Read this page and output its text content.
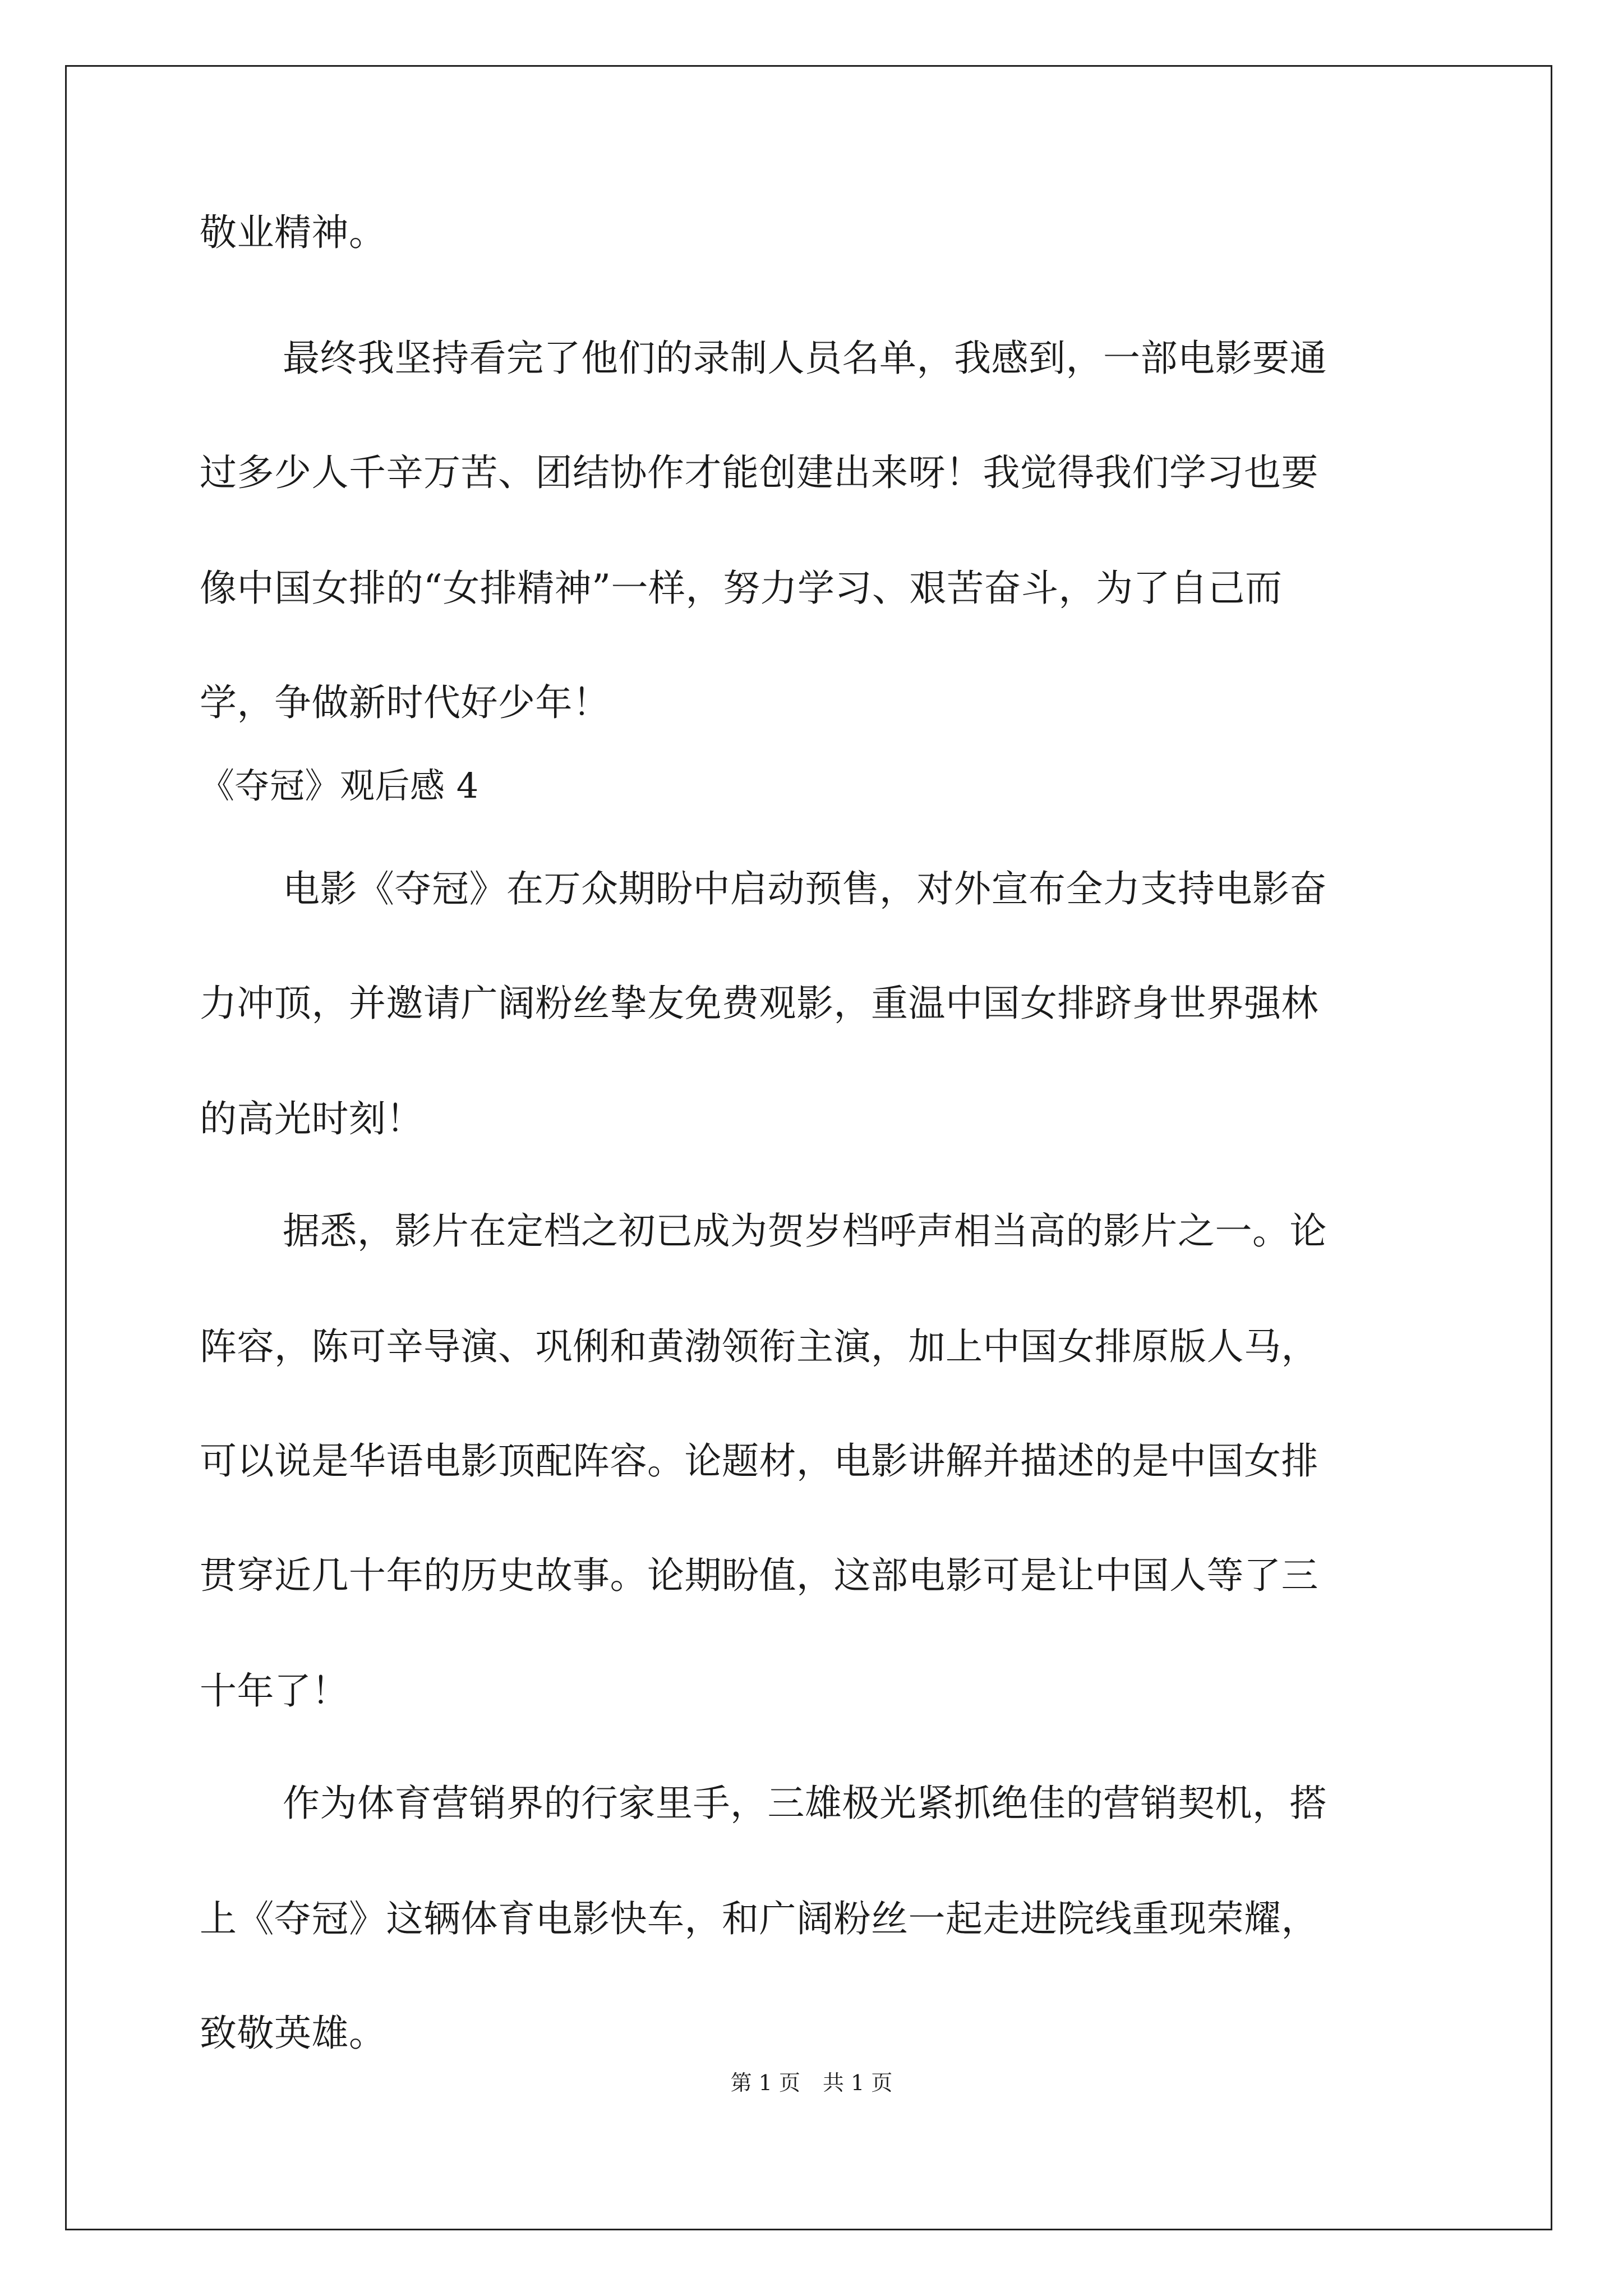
敬业精神。
最终我坚持看完了他们的录制人员名单，我感到，一部电影要通
过多少人千辛万苦、团结协作才能创建出来呀！我觉得我们学习也要
像中国女排的“女排精神”一样，努力学习、艰苦奋斗，为了自己而
学，争做新时代好少年！
《夺冠》观后感 4
电影《夺冠》在万众期盼中启动预售，对外宣布全力支持电影奋
力冲顶，并邀请广阔粉丝挚友免费观影，重温中国女排跻身世界强林
的高光时刻！
据悉，影片在定档之初已成为贺岁档呼声相当高的影片之一。论
阵容，陈可辛导演、巩俐和黄渤领衔主演，加上中国女排原版人马，
可以说是华语电影顶配阵容。论题材，电影讲解并描述的是中国女排
贯穿近几十年的历史故事。论期盼值，这部电影可是让中国人等了三
十年了！
作为体育营销界的行家里手，三雄极光紧抓绝佳的营销契机，搭
上《夺冠》这辆体育电影快车，和广阔粉丝一起走进院线重现荣耀，
致敬英雄。
第 1 页 共 1 页
